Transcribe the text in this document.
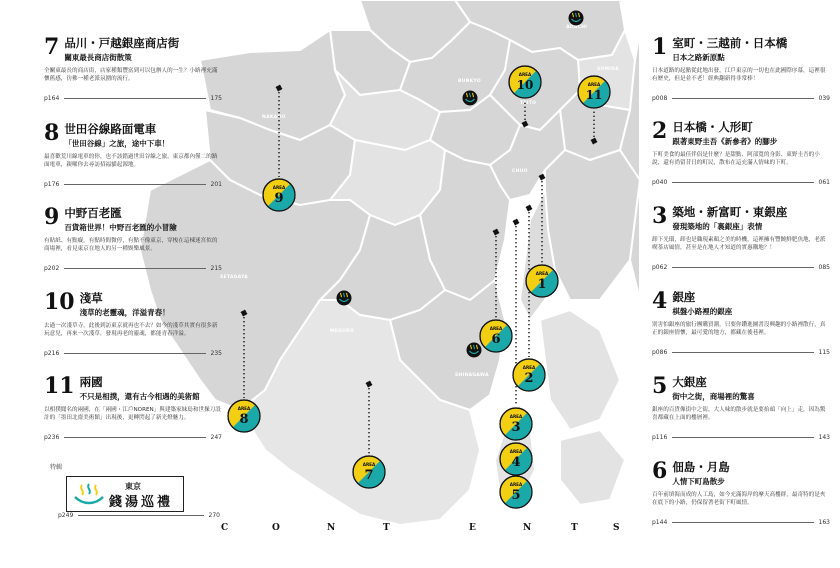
ADACHI
BUNKYO
TAITO
SUMIDA
CHUO
NAKANO
SETAGAYA
MEGURO
SHINAGAWA
AREA
1
AREA
2
AREA
3
AREA
4
AREA
5
AREA
6
AREA
7
AREA
8
AREA
9
AREA
10	AREA
11
7 品川・戸越銀座商店街
關東最長商店街散策
全關東最長的商店街，店家種類豐富到可以包辦人的一生？小路裡充滿懷舊感，彷佛一種老派氛圍的流行。
p164	175
8 世田谷線路面電車
「世田谷線」之旅，途中下車！
最喜歡荒川線電車的你，也不該錯過世田谷線之旅。東京都內僅二的路面電車，親暱你去尋訪招福貓起源地。
p176	201
9 中野百老匯
百貨箱世界！中野百老匯的小冒險
有貼紙、有點癡，有點時間微停，有點不像東京，穿梭在這棟迷宮似的商場裡，看見東京在地人的另一種娛樂風景。
p202	215
10 淺草
淺草的老靈魂，洋溢青春！
去過一次淺草寺，此後到訪東京就再也不去？如今的淺草其實有很多新玩意兒，再來一次淺草，發現再老的靈魂，都能青春洋溢。
p216	235
11 兩國
不只是相撲，還有古今相遇的美術館
以相撲聞名的兩國，在「兩國・江戶NOREN」與建築家妹島和世操刀設計的「墨田北齋美術館」出現後，更轉閃起了新光燈魅力。
p236	247
1 室町・三越前・日本橋
日本之路新原點
日本道路的起點從此地出發，江戶東京的一切也在此國際序幕，這裡很有歷史，但是並不老！經典翻新得非常棒！
p008	039
2 日本橋・人形町
跟著東野圭吾《新參者》的腳步
下町美食的最佳伴侶是什麼？是甜點、阿部寬的身影、東野圭吾的小說，還有尚留昔日的町民，散布在這充滿人情味的下町。
p040	061
3 築地・新富町・東銀座
發現築地的「裏銀座」表情
卸下光環，卸也是職現素顏之美的時機，這裡擁有豐饒鮮肥魚地，老派喫茶店風情，甚至是在地人才知道的實惠購地？！
p062	085
4 銀座
棋盤小路裡的銀座
別害怕銀座的旅行團購買潮，只要你鑽進圖書沒興趣的小路裡散行，真正的銀座情懷，最可愛的地方，都藏在後巷裡。
p086	115
5 大銀座
街中之街，商場裡的驚喜
銀座的百貨像街中之街，大人味的散步就是要抬頭「向上」走，因為驚喜都藏在上面的樓層裡。
p116	143
6 佃島・月島
人情下町島散步
百年前填海而成的人工島，如今充滿海岸的摩天高樓群，最奇特的是夾在底下的小路，仍保留著老街下町風情。
p144	163
特輯
東京
錢湯巡禮
p249	270
C	O	N	T	E	N	T	S
